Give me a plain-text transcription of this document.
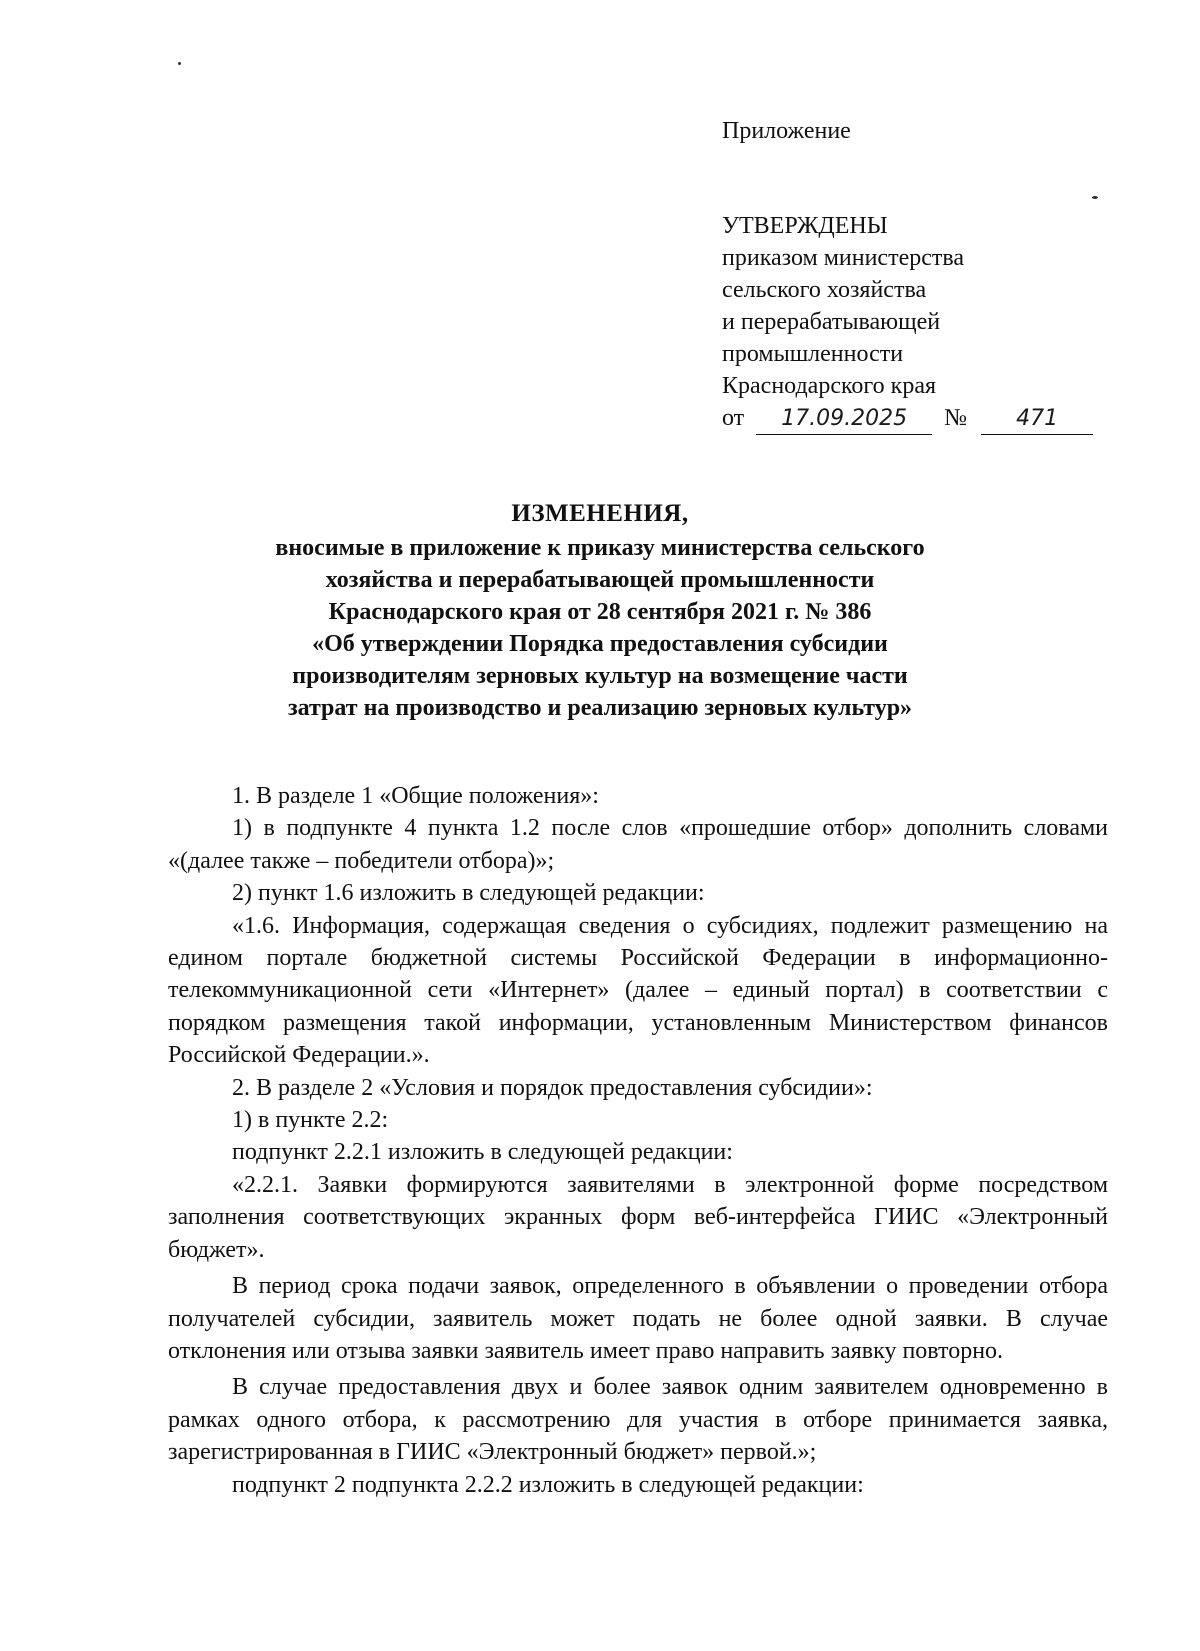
Приложение
УТВЕРЖДЕНЫ
приказом министерства
сельского хозяйства
и перерабатывающей
промышленности
Краснодарского края
от 17.09.2025 № 471
ИЗМЕНЕНИЯ,
вносимые в приложение к приказу министерства сельского
хозяйства и перерабатывающей промышленности
Краснодарского края от 28 сентября 2021 г. № 386
«Об утверждении Порядка предоставления субсидии
производителям зерновых культур на возмещение части
затрат на производство и реализацию зерновых культур»

1. В разделе 1 «Общие положения»:

1) в подпункте 4 пункта 1.2 после слов «прошедшие отбор» дополнить словами «(далее также – победители отбора)»;

2) пункт 1.6 изложить в следующей редакции:

«1.6. Информация, содержащая сведения о субсидиях, подлежит размещению на едином портале бюджетной системы Российской Федерации в информационно-телекоммуникационной сети «Интернет» (далее – единый портал) в соответствии с порядком размещения такой информации, установленным Министерством финансов Российской Федерации.».

2. В разделе 2 «Условия и порядок предоставления субсидии»:

1) в пункте 2.2:

подпункт 2.2.1 изложить в следующей редакции:

«2.2.1. Заявки формируются заявителями в электронной форме посредством заполнения соответствующих экранных форм веб-интерфейса ГИИС «Электронный бюджет».

В период срока подачи заявок, определенного в объявлении о проведении отбора получателей субсидии, заявитель может подать не более одной заявки. В случае отклонения или отзыва заявки заявитель имеет право направить заявку повторно.

В случае предоставления двух и более заявок одним заявителем одновременно в рамках одного отбора, к рассмотрению для участия в отборе принимается заявка, зарегистрированная в ГИИС «Электронный бюджет» первой.»;

подпункт 2 подпункта 2.2.2 изложить в следующей редакции:
